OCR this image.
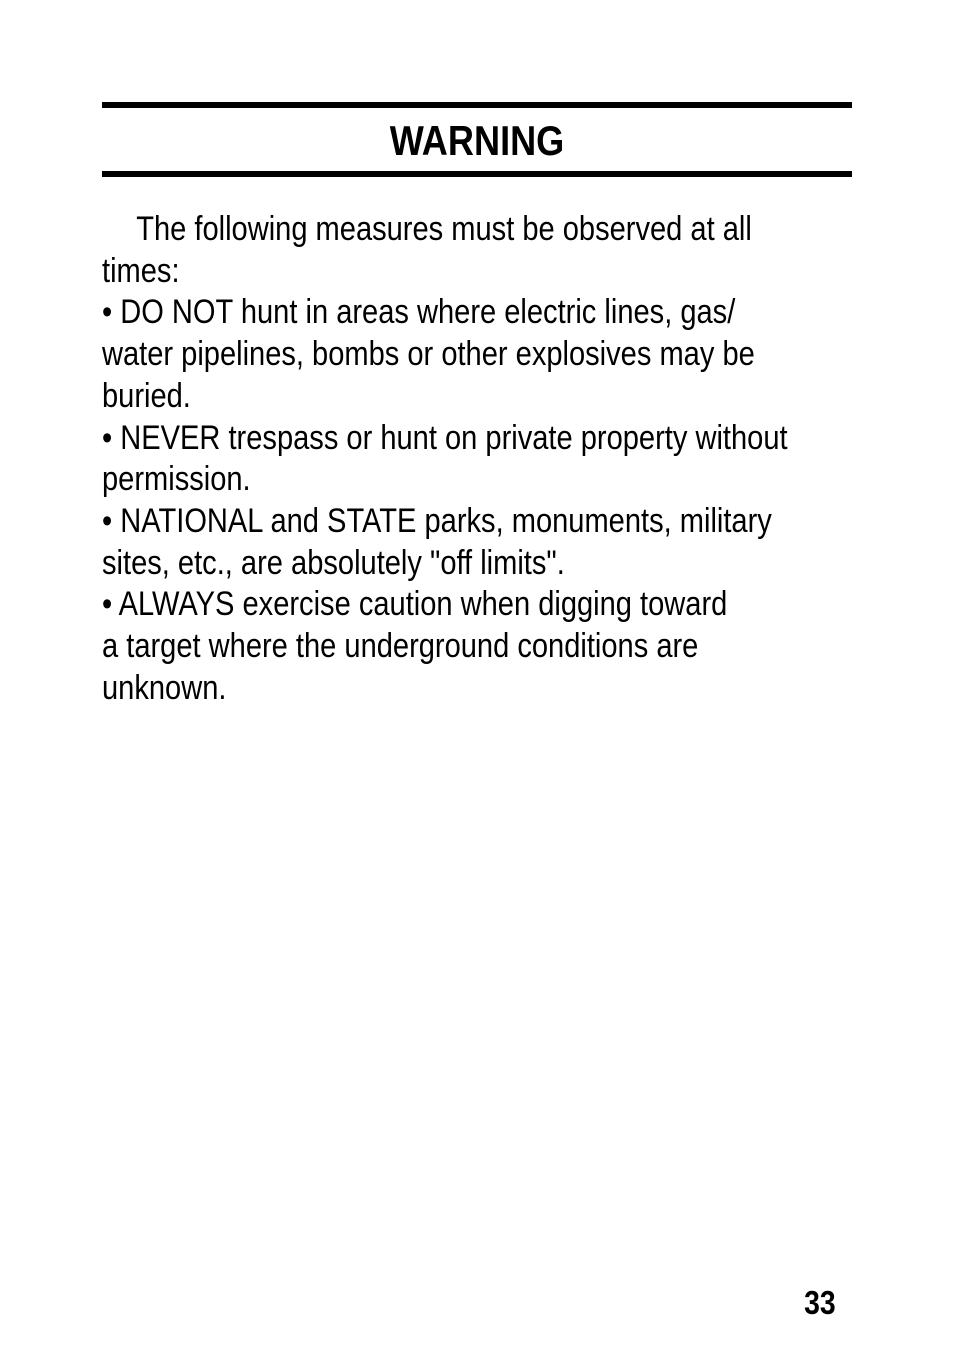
WARNING
The following measures must be observed at all
times:
• DO NOT hunt in areas where electric lines, gas/
water pipelines, bombs or other explosives may be
buried.
• NEVER trespass or hunt on private property without
permission.
• NATIONAL and STATE parks, monuments, military
sites, etc., are absolutely "off limits".
• ALWAYS exercise caution when digging toward
a target where the underground conditions are
unknown.
33
